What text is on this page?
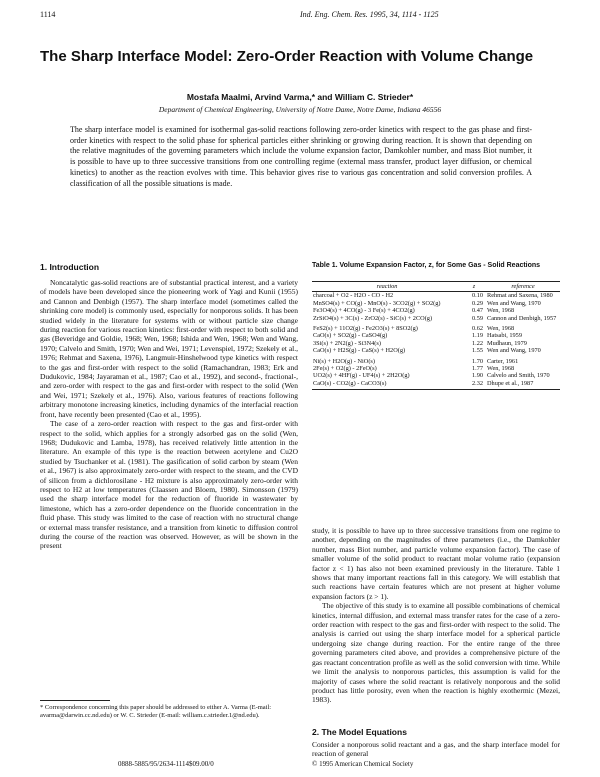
1114	Ind. Eng. Chem. Res. 1995, 34, 1114 - 1125
The Sharp Interface Model: Zero-Order Reaction with Volume Change
Mostafa Maalmi, Arvind Varma,* and William C. Strieder*
Department of Chemical Engineering, University of Notre Dame, Notre Dame, Indiana 46556
The sharp interface model is examined for isothermal gas-solid reactions following zero-order kinetics with respect to the gas phase and first-order kinetics with respect to the solid phase for spherical particles either shrinking or growing during reaction. It is shown that depending on the relative magnitudes of the governing parameters which include the volume expansion factor, Damkohler number, and mass Biot number, it is possible to have up to three successive transitions from one controlling regime (external mass transfer, product layer diffusion, or chemical kinetics) to another as the reaction evolves with time. This behavior gives rise to various gas concentration and solid conversion profiles. A classification of all the possible situations is made.
1. Introduction

Noncatalytic gas-solid reactions are of substantial practical interest, and a variety of models have been developed since the pioneering work of Yagi and Kunii (1955) and Cannon and Denbigh (1957). The sharp interface model (sometimes called the shrinking core model) is commonly used, especially for nonporous solids. It has been studied widely in the literature for systems with or without particle size change during reaction for various reaction kinetics: first-order with respect to both solid and gas (Beveridge and Goldie, 1968; Wen, 1968; Ishida and Wen, 1968; Wen and Wang, 1970; Calvelo and Smith, 1970; Wen and Wei, 1971; Levenspiel, 1972; Szekely et al., 1976; Rehmat and Saxena, 1976), Langmuir-Hinshelwood type kinetics with respect to the gas and first-order with respect to the solid (Ramachandran, 1983; Erk and Dudukovic, 1984; Jayaraman et al., 1987; Cao et al., 1992), and second-, fractional-, and zero-order with respect to the gas and first-order with respect to the solid (Wen and Wei, 1971; Szekely et al., 1976). Also, various features of reactions following arbitrary monotone increasing kinetics, including dynamics of the interfacial reaction front, have recently been presented (Cao et al., 1995).

The case of a zero-order reaction with respect to the gas and first-order with respect to the solid, which applies for a strongly adsorbed gas on the solid (Wen, 1968; Dudukovic and Lamba, 1978), has received relatively little attention in the literature. An example of this type is the reaction between acetylene and Cu2O studied by Tsuchanker et al. (1981). The gasification of solid carbon by steam (Wen et al., 1967) is also approximately zero-order with respect to the steam, and the CVD of silicon from a dichlorosilane - H2 mixture is also approximately zero-order with respect to H2 at low temperatures (Claassen and Bloem, 1980). Simonsson (1979) used the sharp interface model for the reduction of fluoride in wastewater by limestone, which has a zero-order dependence on the fluoride concentration in the fluid phase. This study was limited to the case of reaction with no structural change or external mass transfer resistance, and a transition from kinetic to diffusion control during the course of the reaction was observed. However, as will be shown in the present

* Correspondence concerning this paper should be addressed to either A. Varma (E-mail: avarma@darwin.cc.nd.edu) or W. C. Strieder (E-mail: william.c.strieder.1@nd.edu).
Table 1. Volume Expansion Factor, z, for Some Gas - Solid Reactions
reaction	z	reference
charcoal + O2 - H2O - CO - H2	0.10	Rehmat and Saxena, 1980
MnSO4(s) + CO(g) - MnO(s) - 3CO2(g) + SO2(g)	0.29	Wen and Wang, 1970
Fe3O4(s) + 4CO(g) - 3 Fe(s) + 4CO2(g)	0.47	Wen, 1968
ZrSiO4(s) + 3C(s) - ZrO2(s) - SiC(s) + 2CO(g)	0.59	Cannon and Denbigh, 1957
FeS2(s) + 11O2(g) - Fe2O3(s) + 8SO2(g)	0.62	Wen, 1968
CaO(s) + SO2(g) - CaSO4(g)	1.19	Hatsabi, 1959
3Si(s) + 2N2(g) - Si3N4(s)	1.22	Mudhaun, 1979
CaO(s) + H2S(g) - CaS(s) + H2O(g)	1.55	Wen and Wang, 1970
Ni(s) + H2O(g) - NiO(s)	1.70	Carter, 1961
2Fe(s) + O2(g) - 2FeO(s)	1.77	Wen, 1968
UO2(s) + 4HF(g) - UF4(s) + 2H2O(g)	1.90	Calvelo and Smith, 1970
CaO(s) - CO2(g) - CaCO3(s)	2.32	Dhupe et al., 1987

study, it is possible to have up to three successive transitions from one regime to another, depending on the magnitudes of three parameters (i.e., the Damkohler number, mass Biot number, and particle volume expansion factor). The case of smaller volume of the solid product to reactant molar volume ratio (expansion factor z < 1) has also not been examined previously in the literature. Table 1 shows that many important reactions fall in this category. We will establish that such reactions have certain features which are not present at higher volume expansion factors (z > 1).

The objective of this study is to examine all possible combinations of chemical kinetics, internal diffusion, and external mass transfer rates for the case of a zero-order reaction with respect to the gas and first-order with respect to the solid. The analysis is carried out using the sharp interface model for a spherical particle undergoing size change during reaction. For the entire range of the three governing parameters cited above, and provides a comprehensive picture of the gas reactant concentration profile as well as the solid conversion with time. While we limit the analysis to nonporous particles, this assumption is valid for the majority of cases where the solid reactant is relatively nonporous and the solid product has little porosity, even when the reaction is highly exothermic (Mezei, 1983).

2. The Model Equations
Consider a nonporous solid reactant and a gas, and the sharp interface model for reaction of general
0888-5885/95/2634-1114$09.00/0	© 1995 American Chemical Society
